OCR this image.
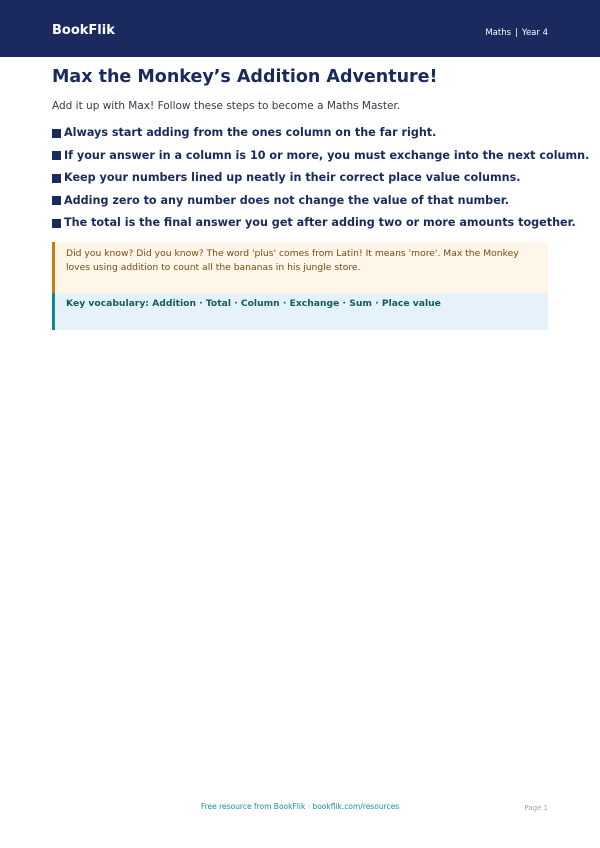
BookFlik	Maths | Year 4
Max the Monkey’s Addition Adventure!

Add it up with Max! Follow these steps to become a Maths Master.

Always start adding from the ones column on the far right.
If your answer in a column is 10 or more, you must exchange into the next column.
Keep your numbers lined up neatly in their correct place value columns.
Adding zero to any number does not change the value of that number.
The total is the final answer you get after adding two or more amounts together.
Did you know? Did you know? The word 'plus' comes from Latin! It means 'more'. Max the Monkey loves using addition to count all the bananas in his jungle store.
Key vocabulary: Addition · Total · Column · Exchange · Sum · Place value
Free resource from BookFlik · bookflik.com/resources	Page 1
